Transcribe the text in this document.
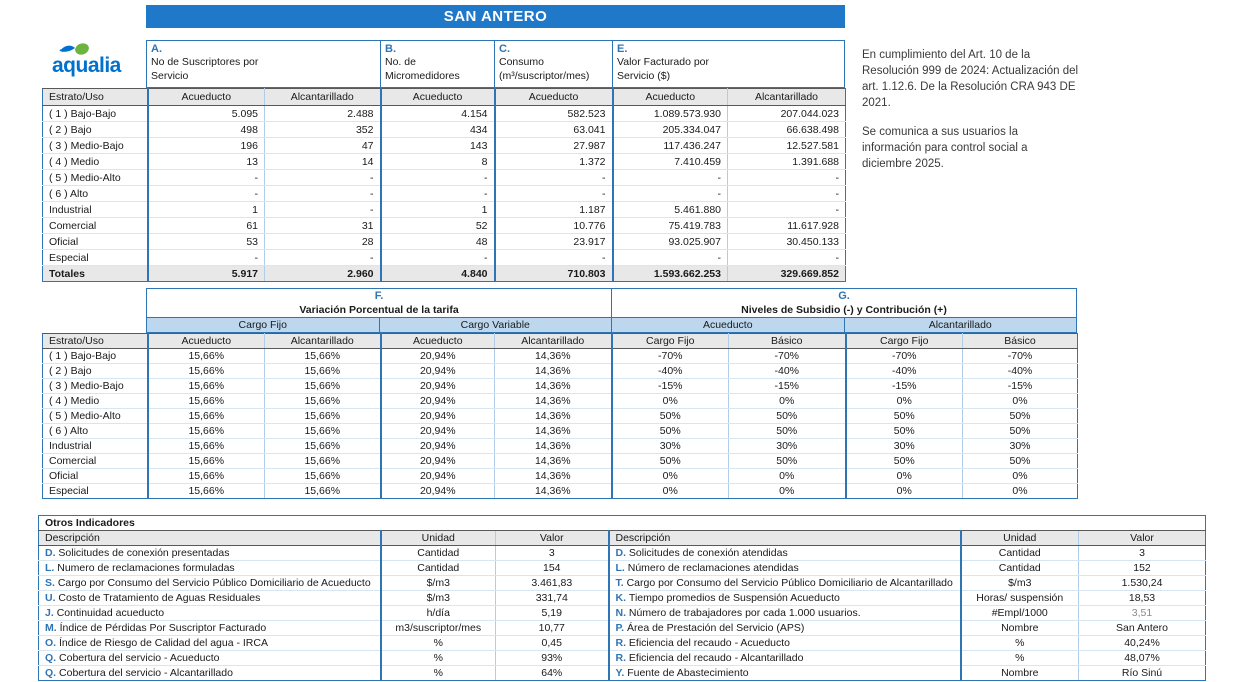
SAN ANTERO
aqualia	En cumplimiento del Art. 10 de la Resolución 999 de 2024: Actualización del art. 1.12.6. De la Resolución CRA 943 DE 2021.

Se comunica a sus usuarios la información para control social a diciembre 2025.

A.
No de Suscriptores por Servicio
B.
No. de Micromedidores
C.
Consumo (m³/suscriptor/mes)
E.
Valor Facturado por Servicio ($)
Estrato/Uso	Acueducto	Alcantarillado	Acueducto	Acueducto	Acueducto	Alcantarillado
( 1 ) Bajo-Bajo	5.095	2.488	4.154	582.523	1.089.573.930	207.044.023
( 2 ) Bajo	498	352	434	63.041	205.334.047	66.638.498
( 3 ) Medio-Bajo	196	47	143	27.987	117.436.247	12.527.581
( 4 ) Medio	13	14	8	1.372	7.410.459	1.391.688
( 5 ) Medio-Alto	-	-	-	-	-	-
( 6 ) Alto	-	-	-	-	-	-
Industrial	1	-	1	1.187	5.461.880	-
Comercial	61	31	52	10.776	75.419.783	11.617.928
Oficial	53	28	48	23.917	93.025.907	30.450.133
Especial	-	-	-	-	-	-
Totales	5.917	2.960	4.840	710.803	1.593.662.253	329.669.852
F.
Variación Porcentual de la tarifa
G.
Niveles de Subsidio (-) y Contribución (+)
Cargo Fijo	Cargo Variable	Acueducto	Alcantarillado
Estrato/Uso	Acueducto	Alcantarillado	Acueducto	Alcantarillado	Cargo Fijo	Básico	Cargo Fijo	Básico
( 1 ) Bajo-Bajo	15,66%	15,66%	20,94%	14,36%	-70%	-70%	-70%	-70%
( 2 ) Bajo	15,66%	15,66%	20,94%	14,36%	-40%	-40%	-40%	-40%
( 3 ) Medio-Bajo	15,66%	15,66%	20,94%	14,36%	-15%	-15%	-15%	-15%
( 4 ) Medio	15,66%	15,66%	20,94%	14,36%	0%	0%	0%	0%
( 5 ) Medio-Alto	15,66%	15,66%	20,94%	14,36%	50%	50%	50%	50%
( 6 ) Alto	15,66%	15,66%	20,94%	14,36%	50%	50%	50%	50%
Industrial	15,66%	15,66%	20,94%	14,36%	30%	30%	30%	30%
Comercial	15,66%	15,66%	20,94%	14,36%	50%	50%	50%	50%
Oficial	15,66%	15,66%	20,94%	14,36%	0%	0%	0%	0%
Especial	15,66%	15,66%	20,94%	14,36%	0%	0%	0%	0%
Otros Indicadores					
Descripción	Unidad	Valor	Descripción	Unidad	Valor
D. Solicitudes de conexión presentadas	Cantidad	3	D. Solicitudes de conexión atendidas	Cantidad	3
L. Numero de reclamaciones formuladas	Cantidad	154	L. Número de reclamaciones atendidas	Cantidad	152
S. Cargo por Consumo del Servicio Público Domiciliario de Acueducto	$/m3	3.461,83	T. Cargo por Consumo del Servicio Público Domiciliario de Alcantarillado	$/m3	1.530,24
U. Costo de Tratamiento de Aguas Residuales	$/m3	331,74	K. Tiempo promedios de Suspensión Acueducto	Horas/ suspensión	18,53
J. Continuidad acueducto	h/día	5,19	N. Número de trabajadores por cada 1.000 usuarios.	#Empl/1000	3,51
M. Índice de Pérdidas Por Suscriptor Facturado	m3/suscriptor/mes	10,77	P. Área de Prestación del Servicio (APS)	Nombre	San Antero
O. Índice de Riesgo de Calidad del agua - IRCA	%	0,45	R. Eficiencia del recaudo - Acueducto	%	40,24%
Q. Cobertura del servicio - Acueducto	%	93%	R. Eficiencia del recaudo - Alcantarillado	%	48,07%
Q. Cobertura del servicio - Alcantarillado	%	64%	Y. Fuente de Abastecimiento	Nombre	Río Sinú
